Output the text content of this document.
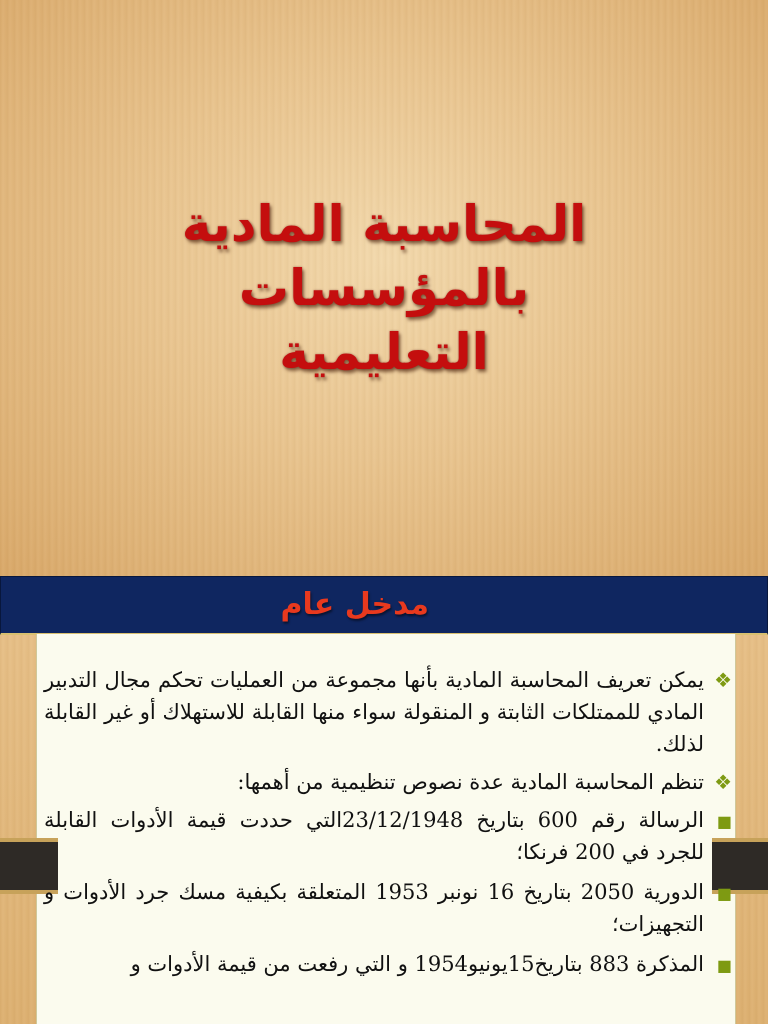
المحاسبة المادية بالمؤسسات
التعليمية
مدخل عام
❖
يمكن تعريف المحاسبة المادية بأنها مجموعة من العمليات تحكم مجال التدبير المادي للممتلكات الثابتة و المنقولة سواء منها القابلة للاستهلاك أو غير القابلة لذلك.
❖
تنظم المحاسبة المادية عدة نصوص تنظيمية من أهمها:
■
الرسالة رقم 600 بتاريخ 23/12/1948التي حددت قيمة الأدوات القابلة للجرد في 200 فرنكا؛
■
الدورية 2050 بتاريخ 16 نونبر 1953 المتعلقة بكيفية مسك جرد الأدوات و التجهيزات؛
■
المذكرة 883 بتاريخ15يونيو1954 و التي رفعت من قيمة الأدوات و
